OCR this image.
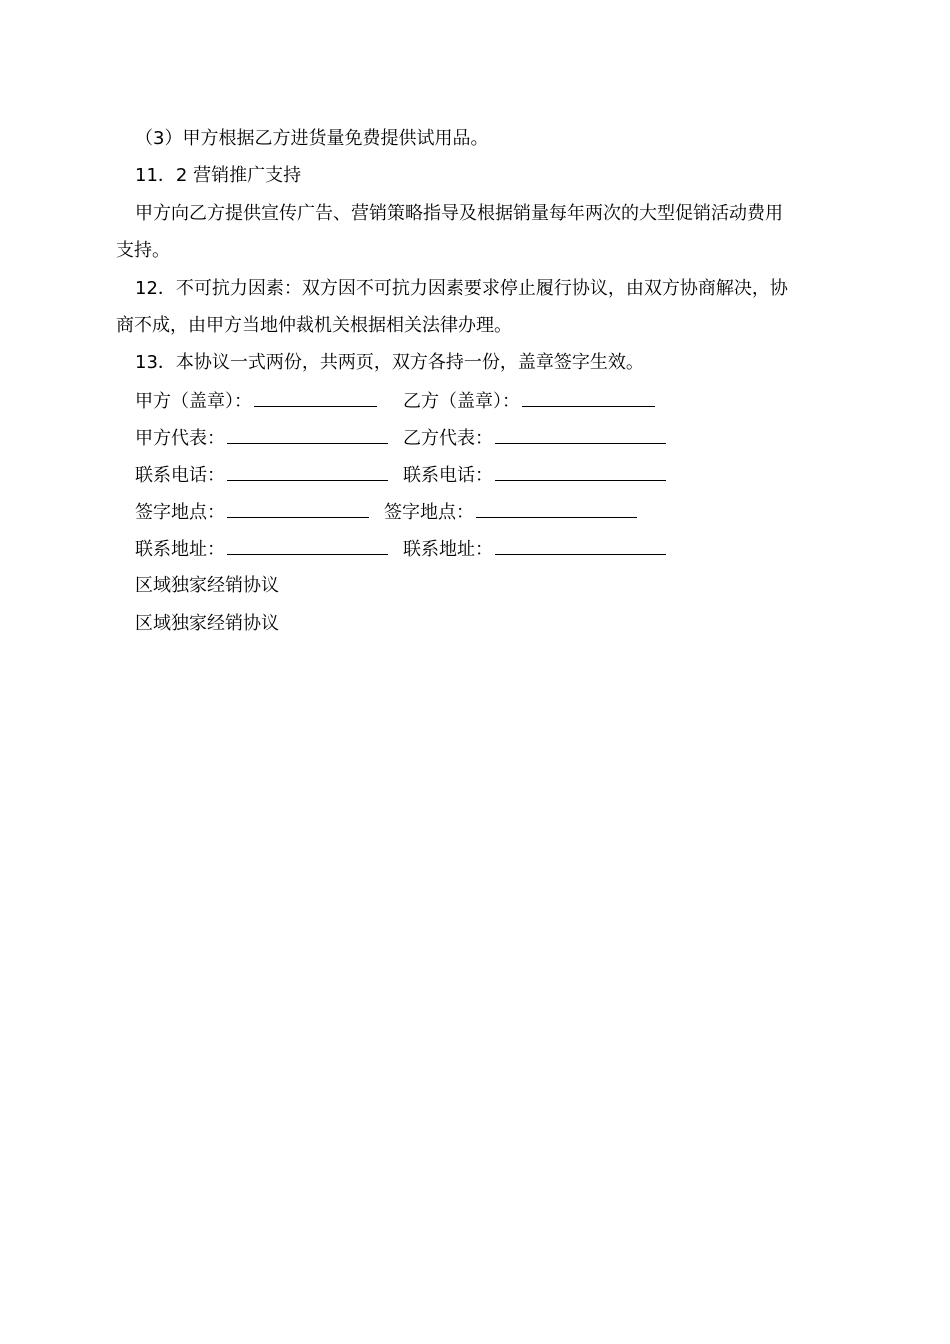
（3）甲方根据乙方进货量免费提供试用品。
11．2 营销推广支持
甲方向乙方提供宣传广告、营销策略指导及根据销量每年两次的大型促销活动费用
支持。
12．不可抗力因素：双方因不可抗力因素要求停止履行协议，由双方协商解决，协
商不成，由甲方当地仲裁机关根据相关法律办理。
13．本协议一式两份，共两页，双方各持一份，盖章签字生效。
甲方（盖章）：	乙方（盖章）：
甲方代表：	乙方代表：
联系电话：	联系电话：
签字地点：	签字地点：
联系地址：	联系地址：
区域独家经销协议
区域独家经销协议
